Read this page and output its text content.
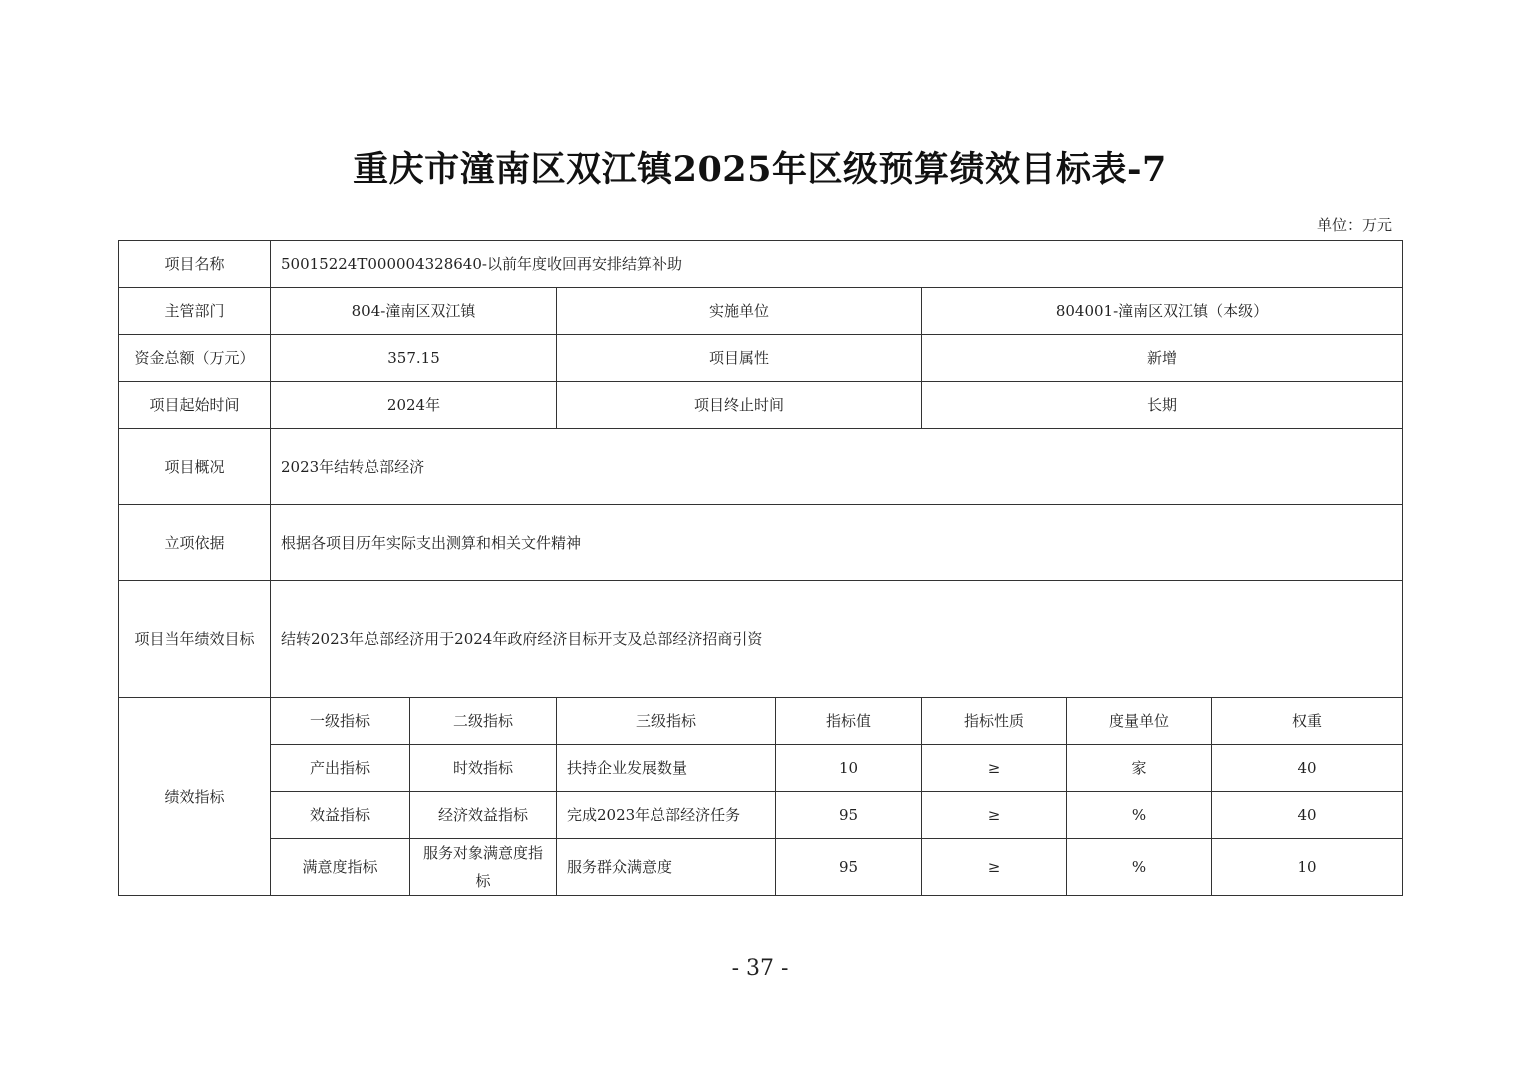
重庆市潼南区双江镇2025年区级预算绩效目标表-7
单位：万元
项目名称	50015224T000004328640-以前年度收回再安排结算补助						
主管部门	804-潼南区双江镇		实施单位		804001-潼南区双江镇（本级）		
资金总额（万元）	357.15		项目属性		新增		
项目起始时间	2024年		项目终止时间		长期		
项目概况	2023年结转总部经济						
立项依据	根据各项目历年实际支出测算和相关文件精神						
项目当年绩效目标	结转2023年总部经济用于2024年政府经济目标开支及总部经济招商引资						
绩效指标	一级指标	二级指标	三级指标	指标值	指标性质	度量单位	权重
	产出指标	时效指标	扶持企业发展数量	10	≥	家	40
	效益指标	经济效益指标	完成2023年总部经济任务	95	≥	%	40
	满意度指标	服务对象满意度指标	服务群众满意度	95	≥	%	10
- 37 -
